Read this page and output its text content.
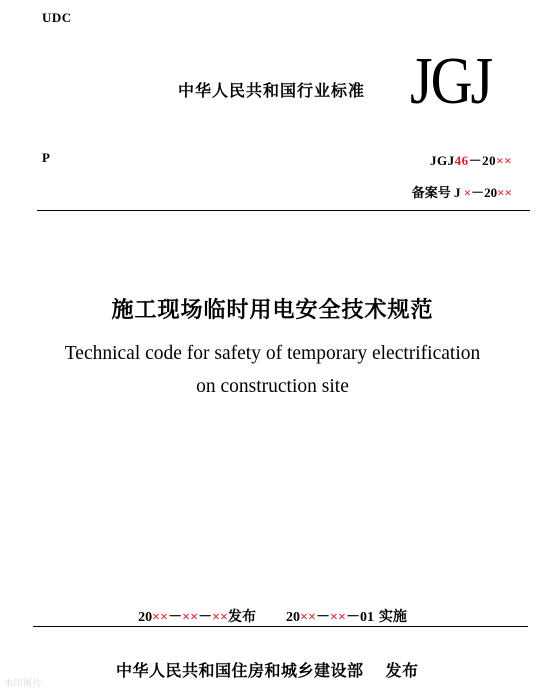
UDC
中华人民共和国行业标准 JGJ
P	JGJ46－20××
备案号 J ×－20××
施工现场临时用电安全技术规范
Technical code for safety of temporary electrification
on construction site
20××－××－××发布 20××－××－01 实施
中华人民共和国住房和城乡建设部 发布
水印图片
